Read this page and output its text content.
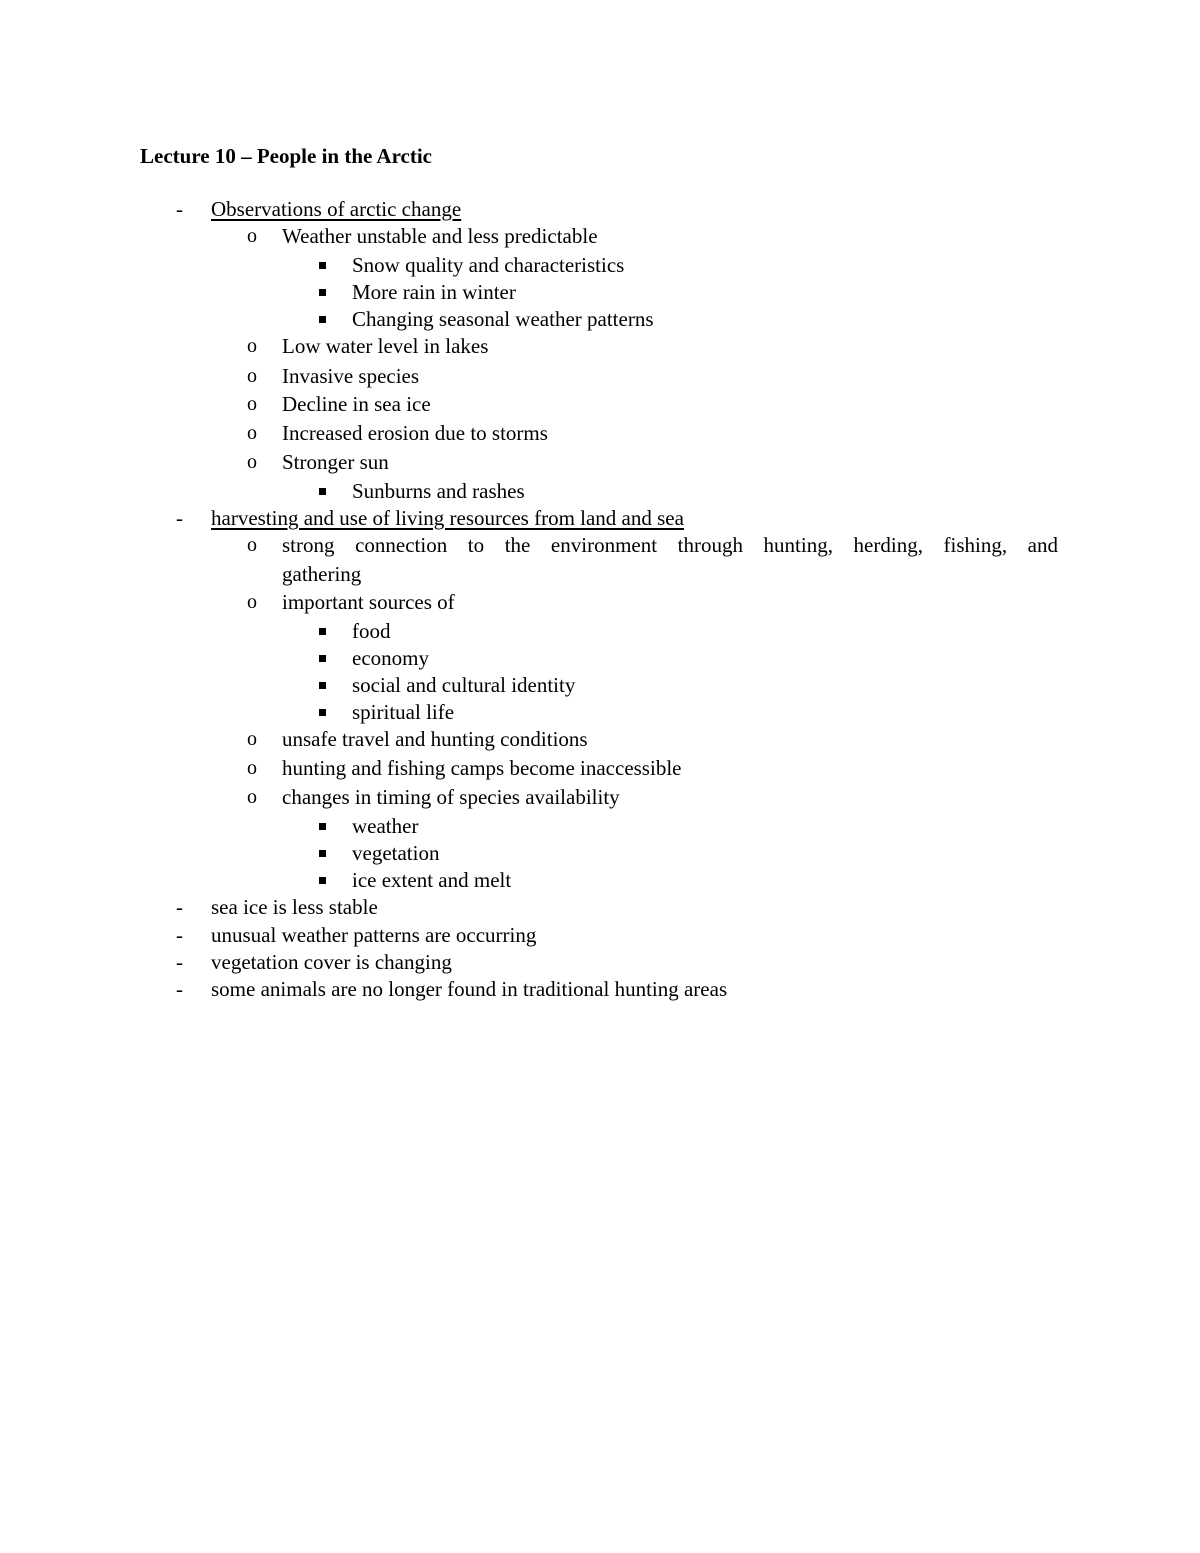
Lecture 10 – People in the Arctic
- Observations of arctic change
o Weather unstable and less predictable
Snow quality and characteristics
More rain in winter
Changing seasonal weather patterns
o Low water level in lakes
o Invasive species
o Decline in sea ice
o Increased erosion due to storms
o Stronger sun
Sunburns and rashes
- harvesting and use of living resources from land and sea
o strong connection to the environment through hunting, herding, fishing, and
gathering
o important sources of
food
economy
social and cultural identity
spiritual life
o unsafe travel and hunting conditions
o hunting and fishing camps become inaccessible
o changes in timing of species availability
weather
vegetation
ice extent and melt
- sea ice is less stable
- unusual weather patterns are occurring
- vegetation cover is changing
- some animals are no longer found in traditional hunting areas
